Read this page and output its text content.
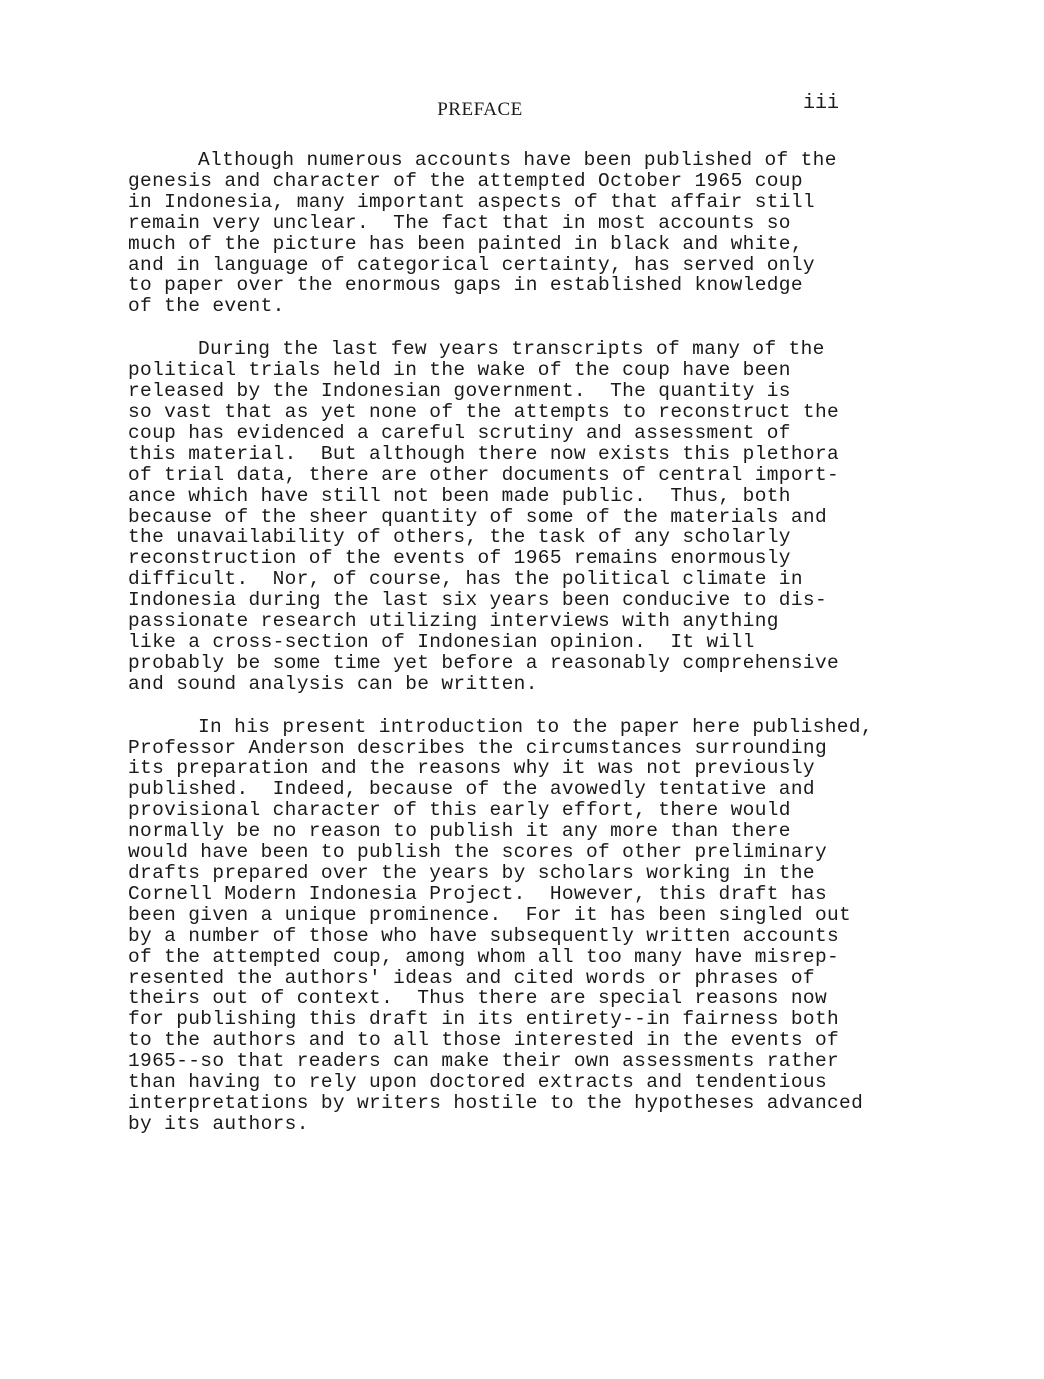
PREFACE	iii
Although numerous accounts have been published of the
genesis and character of the attempted October 1965 coup
in Indonesia, many important aspects of that affair still
remain very unclear.  The fact that in most accounts so
much of the picture has been painted in black and white,
and in language of categorical certainty, has served only
to paper over the enormous gaps in established knowledge
of the event.
During the last few years transcripts of many of the
political trials held in the wake of the coup have been
released by the Indonesian government.  The quantity is
so vast that as yet none of the attempts to reconstruct the
coup has evidenced a careful scrutiny and assessment of
this material.  But although there now exists this plethora
of trial data, there are other documents of central import-
ance which have still not been made public.  Thus, both
because of the sheer quantity of some of the materials and
the unavailability of others, the task of any scholarly
reconstruction of the events of 1965 remains enormously
difficult.  Nor, of course, has the political climate in
Indonesia during the last six years been conducive to dis-
passionate research utilizing interviews with anything
like a cross-section of Indonesian opinion.  It will
probably be some time yet before a reasonably comprehensive
and sound analysis can be written.
In his present introduction to the paper here published,
Professor Anderson describes the circumstances surrounding
its preparation and the reasons why it was not previously
published.  Indeed, because of the avowedly tentative and
provisional character of this early effort, there would
normally be no reason to publish it any more than there
would have been to publish the scores of other preliminary
drafts prepared over the years by scholars working in the
Cornell Modern Indonesia Project.  However, this draft has
been given a unique prominence.  For it has been singled out
by a number of those who have subsequently written accounts
of the attempted coup, among whom all too many have misrep-
resented the authors' ideas and cited words or phrases of
theirs out of context.  Thus there are special reasons now
for publishing this draft in its entirety--in fairness both
to the authors and to all those interested in the events of
1965--so that readers can make their own assessments rather
than having to rely upon doctored extracts and tendentious
interpretations by writers hostile to the hypotheses advanced
by its authors.
